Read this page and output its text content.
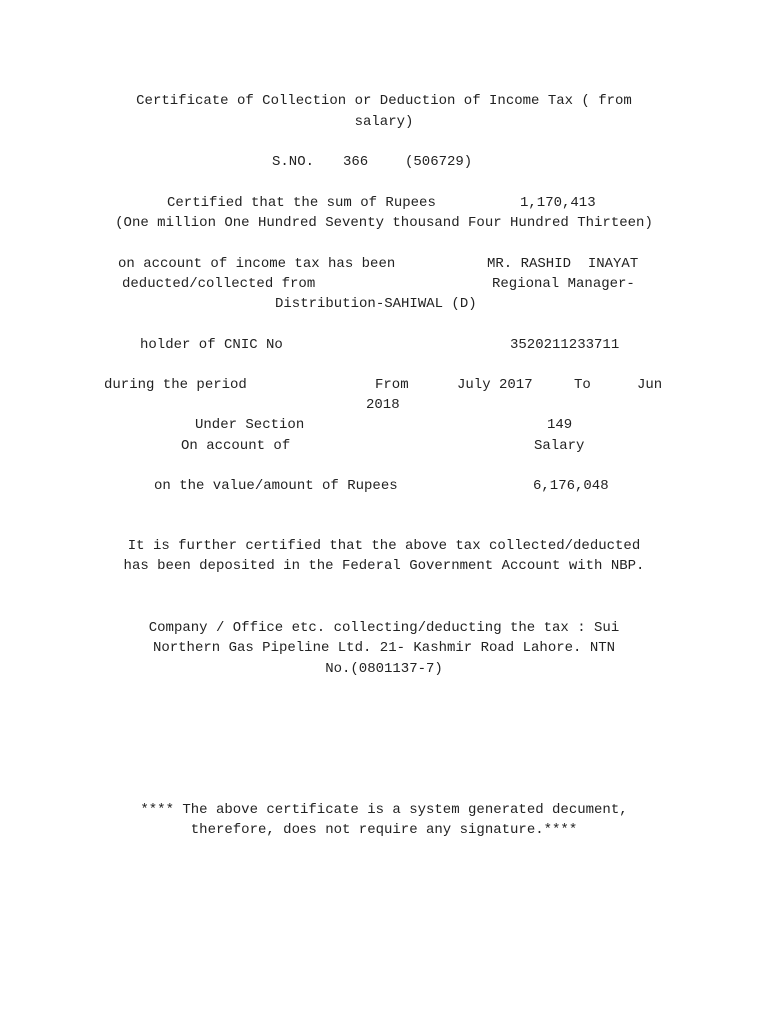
Certificate of Collection or Deduction of Income Tax ( from
salary)
S.NO. 366	(506729)
Certified that the sum of Rupees	1,170,413
(One million One Hundred Seventy thousand Four Hundred Thirteen)
on account of income tax has been	MR. RASHID  INAYAT
deducted/collected from	Regional Manager-
Distribution-SAHIWAL (D)
holder of CNIC No	3520211233711
during the period	From	July 2017	To	Jun
2018
Under Section	149
On account of	Salary
on the value/amount of Rupees	6,176,048
It is further certified that the above tax collected/deducted
has been deposited in the Federal Government Account with NBP.
Company / Office etc. collecting/deducting the tax : Sui
Northern Gas Pipeline Ltd. 21- Kashmir Road Lahore. NTN
No.(0801137-7)
**** The above certificate is a system generated decument,
therefore, does not require any signature.****
